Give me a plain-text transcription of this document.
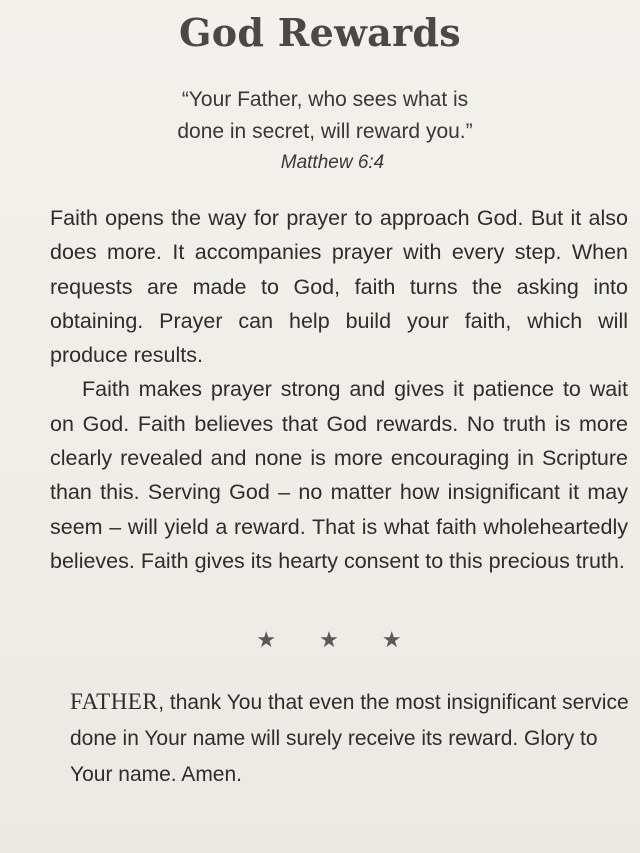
God Rewards
“Your Father, who sees what is
done in secret, will reward you.”
Matthew 6:4

Faith opens the way for prayer to approach God. But it also does more. It accompanies prayer with every step. When requests are made to God, faith turns the asking into obtaining. Prayer can help build your faith, which will produce results.

Faith makes prayer strong and gives it patience to wait on God. Faith believes that God rewards. No truth is more clearly revealed and none is more encouraging in Scripture than this. Serving God – no matter how insignificant it may seem – will yield a reward. That is what faith wholeheartedly believes. Faith gives its hearty consent to this precious truth.

★ ★ ★
FATHER, thank You that even the most insignificant service done in Your name will surely receive its reward. Glory to Your name. Amen.
